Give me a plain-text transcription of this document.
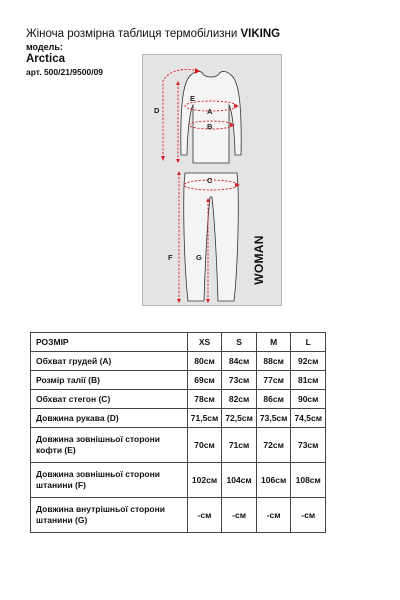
Жіноча розмірна таблиця термобілизни VIKING
модель:
Arctica
арт. 500/21/9500/09
D
E
A
B
C
F	G	WOMAN
РОЗМІР	XS	S	M	L
Обхват грудей (А)	80см	84см	88см	92см
Розмір талії (В)	69см	73см	77см	81см
Обхват стегон (С)	78см	82см	86см	90см
Довжина рукава (D)	71,5см	72,5см	73,5см	74,5см
Довжина зовнішньої сторони кофти (Е)	70см	71см	72см	73см
Довжина зовнішньої сторони штанини (F)	102см	104см	106см	108см
Довжина внутрішньої сторони штанини (G)	-см	-см	-см	-см
